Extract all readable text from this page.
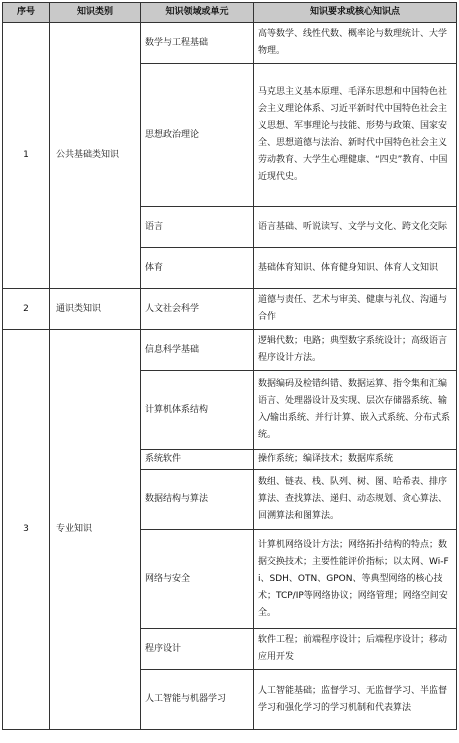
序号	知识类别	知识领域或单元	知识要求或核心知识点
1	公共基础类知识	数学与工程基础	高等数学、线性代数、概率论与数理统计、大学物理。
		思想政治理论	马克思主义基本原理、毛泽东思想和中国特色社会主义理论体系、习近平新时代中国特色社会主义思想、军事理论与技能、形势与政策、国家安全、思想道德与法治、新时代中国特色社会主义劳动教育、大学生心理健康、“四史”教育、中国近现代史。
		语言	语言基础、听说读写、文学与文化、跨文化交际
		体育	基础体育知识、体育健身知识、体育人文知识
2	通识类知识	人文社会科学	道德与责任、艺术与审美、健康与礼仪、沟通与合作
3	专业知识	信息科学基础	逻辑代数；电路；典型数字系统设计；高级语言程序设计方法。
		计算机体系结构	数据编码及检错纠错、数据运算、指令集和汇编语言、处理器设计及实现、层次存储器系统、输入/输出系统、并行计算、嵌入式系统、分布式系统。
		系统软件	操作系统；编译技术；数据库系统
		数据结构与算法	数组、链表、栈、队列、树、图、哈希表、排序算法、查找算法、递归、动态规划、贪心算法、回溯算法和图算法。
		网络与安全	计算机网络设计方法；网络拓扑结构的特点；数据交换技术；主要性能评价指标；以太网、Wi-Fi、SDH、OTN、GPON、等典型网络的核心技术；TCP/IP等网络协议；网络管理；网络空间安全。
		程序设计	软件工程；前端程序设计；后端程序设计；移动应用开发
		人工智能与机器学习	人工智能基础；监督学习、无监督学习、半监督学习和强化学习的学习机制和代表算法
